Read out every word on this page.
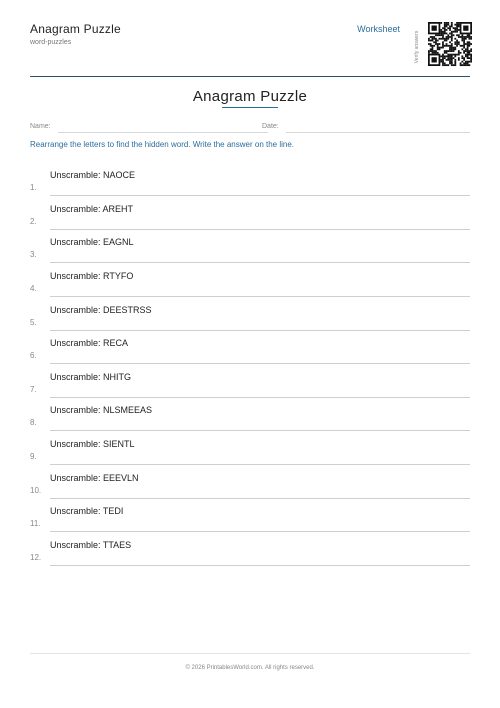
Anagram Puzzle
word-puzzles
Worksheet
Verify answers
Anagram Puzzle
Name:	Date:
Rearrange the letters to find the hidden word. Write the answer on the line.
1.
Unscramble: NAOCE
2.
Unscramble: AREHT
3.
Unscramble: EAGNL
4.
Unscramble: RTYFO
5.
Unscramble: DEESTRSS
6.
Unscramble: RECA
7.
Unscramble: NHITG
8.
Unscramble: NLSMEEAS
9.
Unscramble: SIENTL
10.
Unscramble: EEEVLN
11.
Unscramble: TEDI
12.
Unscramble: TTAES
© 2026 PrintablesWorld.com. All rights reserved.
